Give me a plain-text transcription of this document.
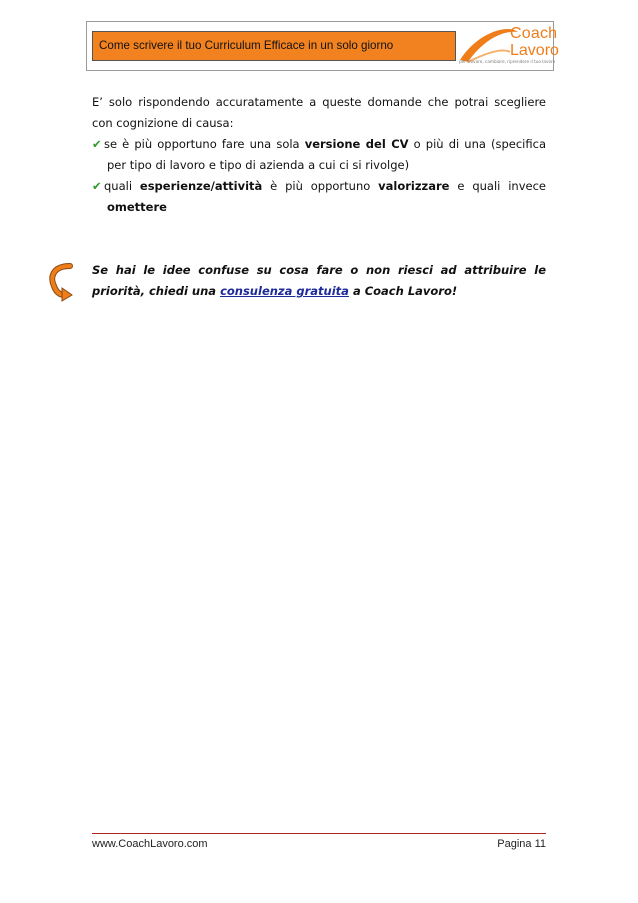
Come scrivere il tuo Curriculum Efficace in un solo giorno
Coach
Lavoro
per trovare, cambiare, riprendere il tuo lavoro
E’ solo rispondendo accuratamente a queste domande che potrai scegliere
con cognizione di causa:
✔ se è più opportuno fare una sola versione del CV o più di una (specifica
per tipo di lavoro e tipo di azienda a cui ci si rivolge)
✔ quali esperienze/attività è più opportuno valorizzare e quali invece
omettere
Se hai le idee confuse su cosa fare o non riesci ad attribuire le
priorità, chiedi una consulenza gratuita a Coach Lavoro!
www.CoachLavoro.com	Pagina 11
